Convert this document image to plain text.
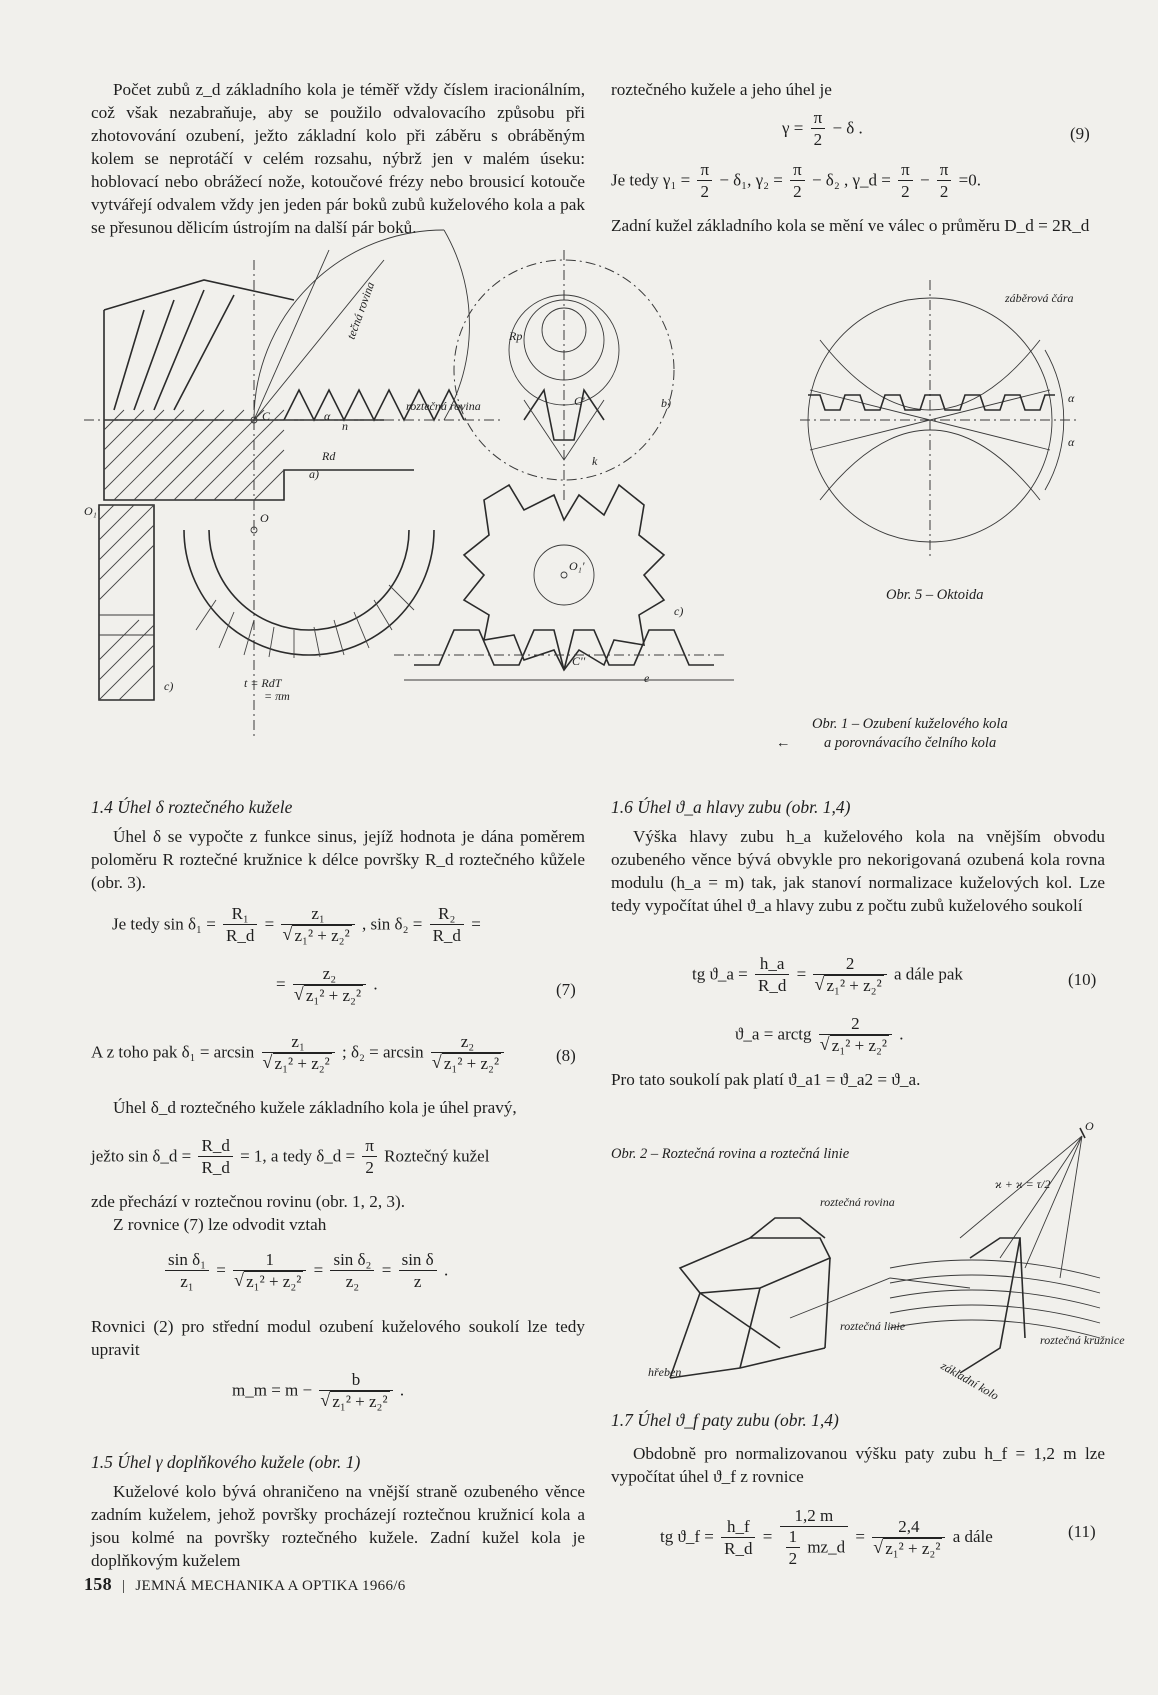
Počet zubů z_d základního kola je téměř vždy číslem iracionálním, což však nezabraňuje, aby se použilo odvalovacího způsobu při zhotovování ozubení, ježto základní kolo při záběru s obráběným kolem se neprotáčí v celém rozsahu, nýbrž jen v malém úseku: hoblovací nebo obrážecí nože, kotoučové frézy nebo brousicí kotouče vytvářejí odvalem vždy jen jeden pár boků zubů kuželového kola a pak se přesunou dělicím ústrojím na další pár boků.

roztečného kužele a jeho úhel je

$\gamma = \frac{\pi}{2} - \delta$ .	(9)
Je tedy $\gamma_1 = \frac{\pi}{2} - \delta_1$, $\gamma_2 = \frac{\pi}{2} - \delta_2$ , γ_d = $\frac{\pi}{2} - \frac{\pi}{2} =0$.

Zadní kužel základního kola se mění ve válec o průměru D_d = 2R_d

C
a)
Rd
n
α
roztečná rovina
tečná rovina
O₁'
c)
O
t = RdT
= πm
C'
Rp
k
b)
O₁'
C''
c)
e
záběrová čára
α
α
Obr. 5 – Oktoida
Obr. 1 – Ozubení kuželového kola
a porovnávacího čelního kola
←
1.4 Úhel δ roztečného kužele

Úhel δ se vypočte z funkce sinus, jejíž hodnota je dána poměrem poloměru R roztečné kružnice k délce površky R_d roztečného kůžele (obr. 3).

Je tedy $\sin \delta_1 = \frac{\text{R₁}}{R\_d} = z_1$
√ z₁² + z₂² , $\sin \delta_2 = \frac{\text{R₂}}{R\_d}$ =
= z₂
√ z₁² + z₂² .	(7)
A z toho pak δ₁ = arcsin z₁
√ z₁² + z₂² ; δ₂ = arcsin z₂
√ z₁² + z₂²	(8)

Úhel δ_d roztečného kužele základního kola je úhel pravý,

ježto sin δ_d = $\frac{R\_d}{R\_d} = 1$, a tedy δ_d = $\frac{\pi}{2}$ Roztečný kužel

zde přechází v roztečnou rovinu (obr. 1, 2, 3).

Z rovnice (7) lze odvodit vztah

$\frac{\text{sin δ₁}}{\text{z₁}} = 1$
√ $z_1^2 + z_2^2 = \frac{\text{sin δ₂}}{\text{z₂}} = \frac{\text{sin δ}}{z}$ .

Rovnici (2) pro střední modul ozubení kuželového soukolí lze tedy upravit

m_m = m − b
√ z₁² + z₂² .
1.5 Úhel γ doplňkového kužele (obr. 1)

Kuželové kolo bývá ohraničeno na vnější straně ozubeného věnce zadním kuželem, jehož površky procházejí roztečnou kružnicí kola a jsou kolmé na površky roztečného kužele. Zadní kužel kola je doplňkovým kuželem

1.6 Úhel ϑ_a hlavy zubu (obr. 1,4)

Výška hlavy zubu h_a kuželového kola na vnějším obvodu ozubeného věnce bývá obvykle pro nekorigovaná ozubená kola rovna modulu (h_a = m) tak, jak stanoví normalizace kuželových kol. Lze tedy vypočítat úhel ϑ_a hlavy zubu z počtu zubů kuželového soukolí

tg ϑ_a = $\frac{h\_a}{R\_d} = 2$
√ z₁² + z₂² a dále pak	(10)
ϑ_a = arctg 2
√ z₁² + z₂² .

Pro tato soukolí pak platí ϑ_a1 = ϑ_a2 = ϑ_a.

Obr. 2 – Roztečná rovina a roztečná linie
O
ϰ + ϰ = τ/2
roztečná rovina
roztečná linie
hřeben	základní kolo
roztečná kružnice
1.7 Úhel ϑ_f paty zubu (obr. 1,4)

Obdobně pro normalizovanou výšku paty zubu h_f = 1,2 m lze vypočítat úhel ϑ_f z rovnice

tg ϑ_f = $\frac{h\_f}{R\_d} = \frac{1,2 m}{\frac{1}{2} mz\_d} = 2,4$
√ z₁² + z₂² a dále	(11)
158 | JEMNÁ MECHANIKA A OPTIKA 1966/6
